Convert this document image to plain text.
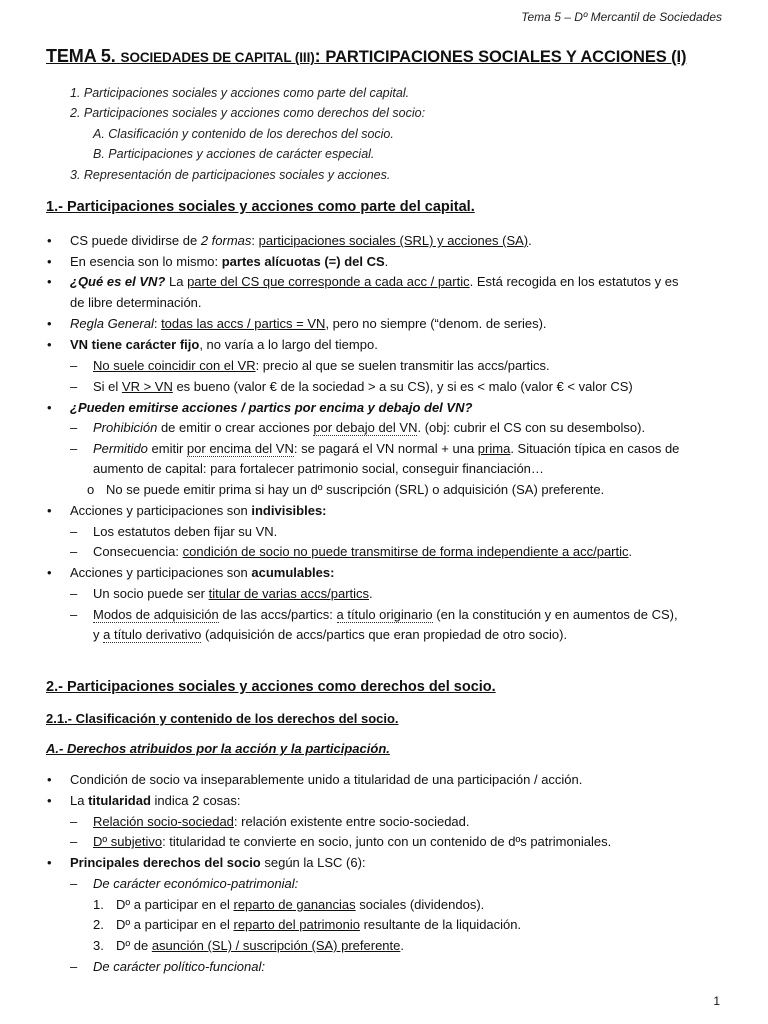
Tema 5 – Dº Mercantil de Sociedades
TEMA 5. SOCIEDADES DE CAPITAL (III): PARTICIPACIONES SOCIALES Y ACCIONES (I)
1. Participaciones sociales y acciones como parte del capital.
2. Participaciones sociales y acciones como derechos del socio:
A. Clasificación y contenido de los derechos del socio.
B. Participaciones y acciones de carácter especial.
3. Representación de participaciones sociales y acciones.
1.- Participaciones sociales y acciones como parte del capital.
• CS puede dividirse de 2 formas: participaciones sociales (SRL) y acciones (SA).
• En esencia son lo mismo: partes alícuotas (=) del CS.
• ¿Qué es el VN? La parte del CS que corresponde a cada acc / partic. Está recogida en los estatutos y es
de libre determinación.
• Regla General: todas las accs / partics = VN, pero no siempre (“denom. de series).
• VN tiene carácter fijo, no varía a lo largo del tiempo.
– No suele coincidir con el VR: precio al que se suelen transmitir las accs/partics.
– Si el VR > VN es bueno (valor € de la sociedad > a su CS), y si es < malo (valor € < valor CS)
• ¿Pueden emitirse acciones / partics por encima y debajo del VN?
– Prohibición de emitir o crear acciones por debajo del VN. (obj: cubrir el CS con su desembolso).
– Permitido emitir por encima del VN: se pagará el VN normal + una prima. Situación típica en casos de
aumento de capital: para fortalecer patrimonio social, conseguir financiación…
o No se puede emitir prima si hay un dº suscripción (SRL) o adquisición (SA) preferente.
• Acciones y participaciones son indivisibles:
– Los estatutos deben fijar su VN.
– Consecuencia: condición de socio no puede transmitirse de forma independiente a acc/partic.
• Acciones y participaciones son acumulables:
– Un socio puede ser titular de varias accs/partics.
– Modos de adquisición de las accs/partics: a título originario (en la constitución y en aumentos de CS),
y a título derivativo (adquisición de accs/partics que eran propiedad de otro socio).
2.- Participaciones sociales y acciones como derechos del socio.
2.1.- Clasificación y contenido de los derechos del socio.
A.- Derechos atribuidos por la acción y la participación.
• Condición de socio va inseparablemente unido a titularidad de una participación / acción.
• La titularidad indica 2 cosas:
– Relación socio-sociedad: relación existente entre socio-sociedad.
– Dº subjetivo: titularidad te convierte en socio, junto con un contenido de dºs patrimoniales.
• Principales derechos del socio según la LSC (6):
– De carácter económico-patrimonial:
1. Dº a participar en el reparto de ganancias sociales (dividendos).
2. Dº a participar en el reparto del patrimonio resultante de la liquidación.
3. Dº de asunción (SL) / suscripción (SA) preferente.
– De carácter político-funcional:
1
